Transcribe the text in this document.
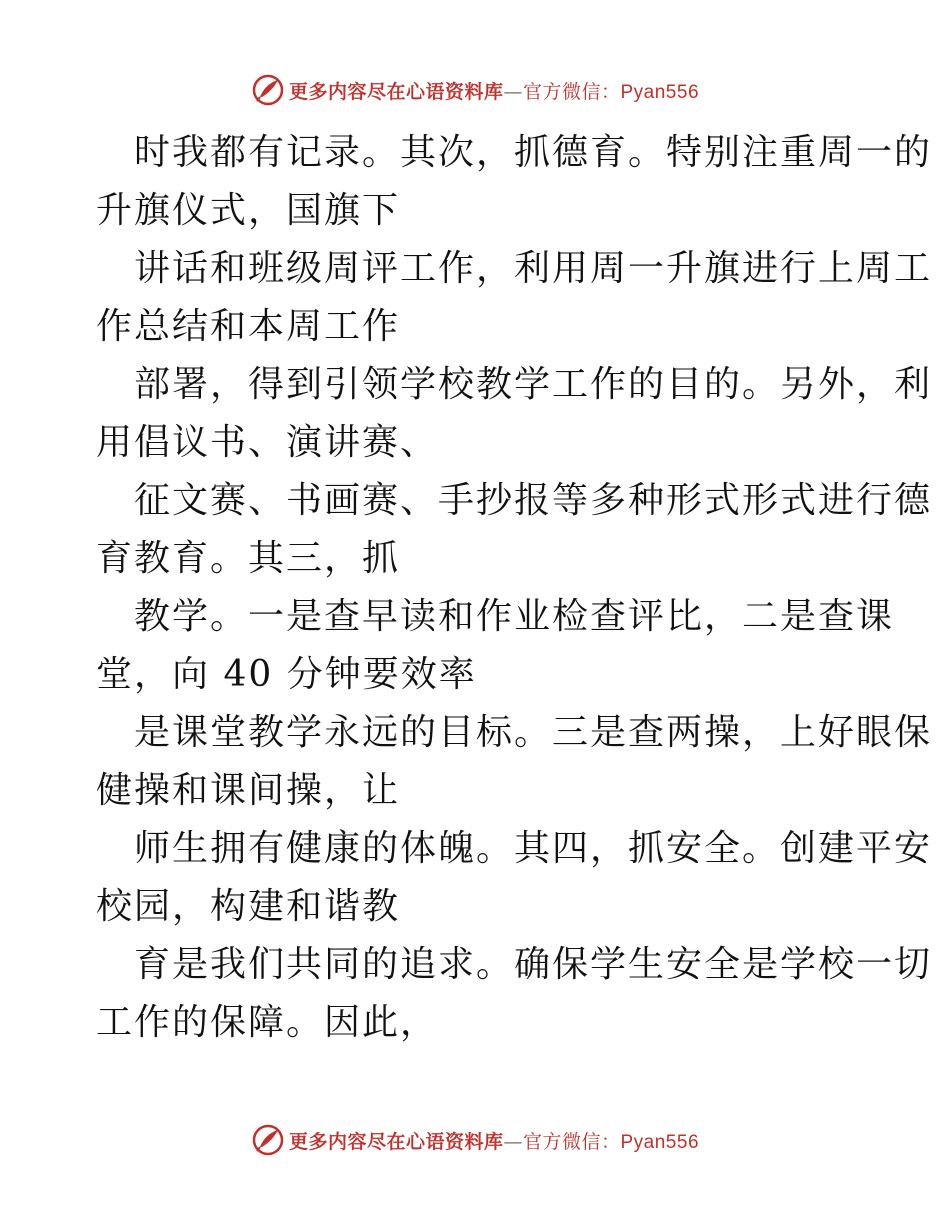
更多内容尽在心语资料库—官方微信：Pyan556
时我都有记录。其次，抓德育。特别注重周一的
升旗仪式，国旗下
讲话和班级周评工作，利用周一升旗进行上周工
作总结和本周工作
部署，得到引领学校教学工作的目的。另外，利
用倡议书、演讲赛、
征文赛、书画赛、手抄报等多种形式形式进行德
育教育。其三，抓
教学。一是查早读和作业检查评比，二是查课
堂，向 40 分钟要效率
是课堂教学永远的目标。三是查两操，上好眼保
健操和课间操，让
师生拥有健康的体魄。其四，抓安全。创建平安
校园，构建和谐教
育是我们共同的追求。确保学生安全是学校一切
工作的保障。因此，
更多内容尽在心语资料库—官方微信：Pyan556
